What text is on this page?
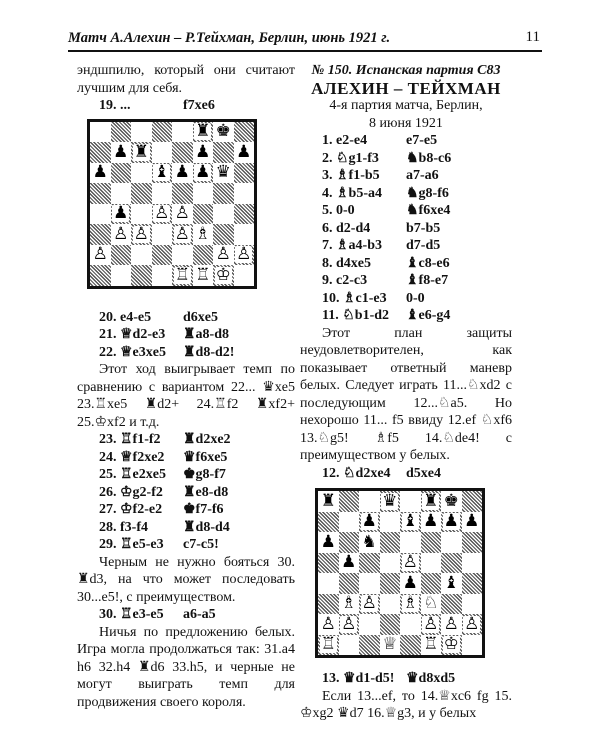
Матч А.Алехин – Р.Тейхман, Берлин, июнь 1921 г.	11

эндшпилю, который они считают лучшим для себя.

19. ...	f7xe6
♜ ♚
♟ ♜	♟ ♟
♟	♝ ♟ ♟ ♛
♟ ♙ ♙
♙ ♙ ♙ ♗
♙	♙ ♙
♖ ♖ ♔
20. e4-e5	d6xe5
21. ♕d2-e3	♜a8-d8
22. ♕e3xe5	♜d8-d2!

Этот ход выигрывает темп по сравнению с вариантом 22... ♛xe5 23.♖xe5 ♜d2+ 24.♖f2 ♜xf2+ 25.♔xf2 и т.д.

23. ♖f1-f2	♜d2xe2
24. ♕f2xe2	♛f6xe5
25. ♖e2xe5	♚g8-f7
26. ♔g2-f2	♜e8-d8
27. ♔f2-e2	♚f7-f6
28. f3-f4	♜d8-d4
29. ♖e5-e3	c7-c5!

Черным не нужно бояться 30. ♜d3, на что может последовать 30...e5!, с преимуществом.

30. ♖e3-e5	a6-a5

Ничья по предложению белых. Игра могла продолжаться так: 31.a4 h6 32.h4 ♜d6 33.h5, и черные не могут выиграть темп для продвижения своего короля.

№ 150. Испанская партия С83
АЛЕХИН – ТЕЙХМАН
4-я партия матча, Берлин,
8 июня 1921
1. e2-e4	e7-e5
2. ♘g1-f3	♞b8-c6
3. ♗f1-b5	a7-a6
4. ♗b5-a4	♞g8-f6
5. 0-0	♞f6xe4
6. d2-d4	b7-b5
7. ♗a4-b3	d7-d5
8. d4xe5	♝c8-e6
9. c2-c3	♝f8-e7
10. ♗c1-e3	0-0
11. ♘b1-d2	♝e6-g4

Этот план защиты неудовлетворителен, как показывает ответный маневр белых. Следует играть 11...♘xd2 с последующим 12...♘a5. Но нехорошо 11... f5 ввиду 12.ef ♘xf6 13.♘g5! ♗f5 14.♘de4! с преимуществом у белых.

12. ♘d2xe4	d5xe4
♜	♛ ♜ ♚
♟ ♝ ♟ ♟ ♟
♟ ♞
♟	♙
♟ ♝
♗ ♙ ♗ ♘
♙ ♙	♙ ♙ ♙
♖	♕ ♖ ♔
13. ♛d1-d5! ♛d8xd5

Если 13...ef, то 14.♕xc6 fg 15. ♔xg2 ♛d7 16.♕g3, и у белых
